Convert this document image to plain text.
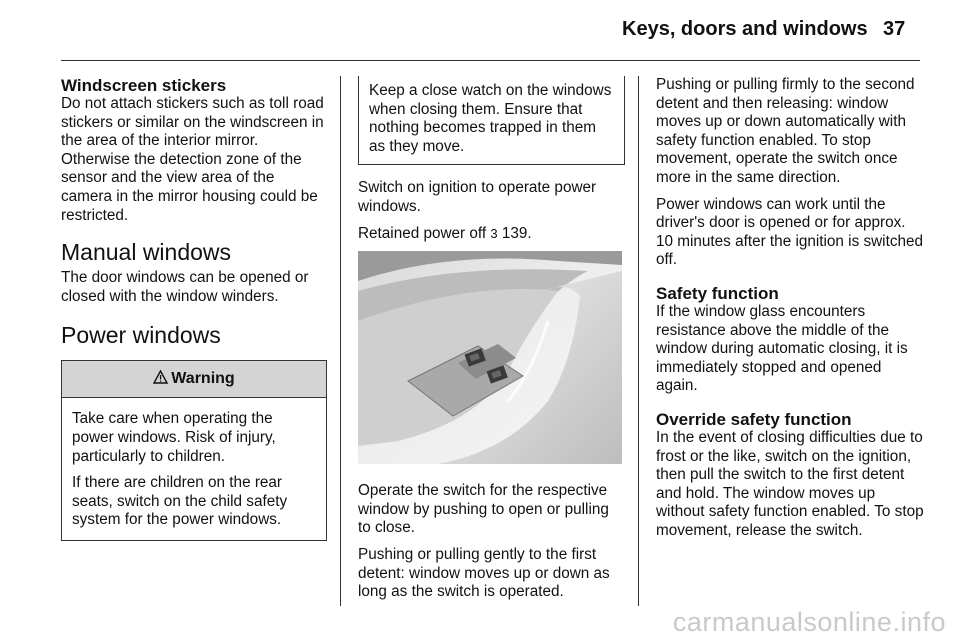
Keys, doors and windows 37
Windscreen stickers

Do not attach stickers such as toll road stickers or similar on the windscreen in the area of the interior mirror. Otherwise the detection zone of the sensor and the view area of the camera in the mirror housing could be restricted.

Manual windows

The door windows can be opened or closed with the window winders.

Power windows
Warning

Take care when operating the power windows. Risk of injury, particularly to children.

If there are children on the rear seats, switch on the child safety system for the power windows.

Keep a close watch on the windows when closing them. Ensure that nothing becomes trapped in them as they move.

Switch on ignition to operate power windows.

Retained power off 3 139.

Operate the switch for the respective window by pushing to open or pulling to close.

Pushing or pulling gently to the first detent: window moves up or down as long as the switch is operated.

Pushing or pulling firmly to the second detent and then releasing: window moves up or down automatically with safety function enabled. To stop movement, operate the switch once more in the same direction.

Power windows can work until the driver's door is opened or for approx. 10 minutes after the ignition is switched off.

Safety function

If the window glass encounters resistance above the middle of the window during automatic closing, it is immediately stopped and opened again.

Override safety function

In the event of closing difficulties due to frost or the like, switch on the ignition, then pull the switch to the first detent and hold. The window moves up without safety function enabled. To stop movement, release the switch.

carmanualsonline.info
